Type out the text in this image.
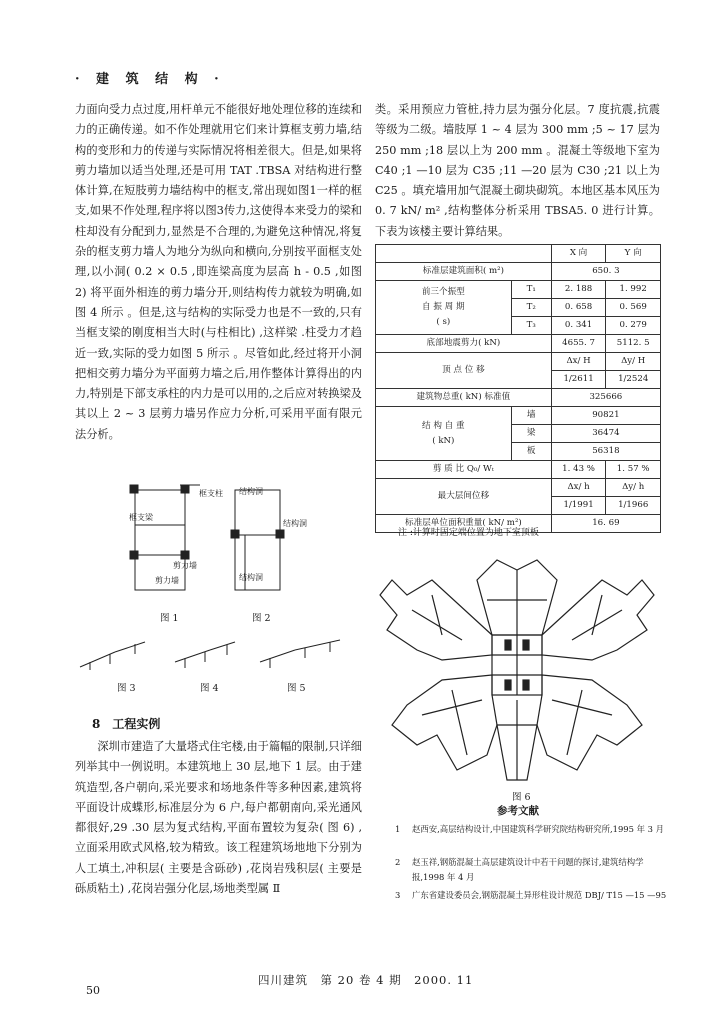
· 建 筑 结 构 ·

力面向受力点过度,用杆单元不能很好地处理位移的连续和力的正确传递。如不作处理就用它们来计算框支剪力墙,结构的变形和力的传递与实际情况将相差很大。但是,如果将剪力墙加以适当处理,还是可用 TAT .TBSA 对结构进行整体计算,在短肢剪力墙结构中的框支,常出现如图1一样的框支,如果不作处理,程序将以图3传力,这使得本来受力的梁和柱却没有分配到力,显然是不合理的,为避免这种情况,将复杂的框支剪力墙人为地分为纵向和横向,分别按平面框支处理,以小洞( 0.2 × 0.5 ,即连梁高度为层高 h - 0.5 ,如图 2) 将平面外相连的剪力墙分开,则结构传力就较为明确,如图 4 所示 。但是,这与结构的实际受力也是不一致的,只有当框支梁的刚度相当大时(与柱相比) ,这样梁 .柱受力才趋近一致,实际的受力如图 5 所示 。尽管如此,经过将开小洞把相交剪力墙分为平面剪力墙之后,用作整体计算得出的内力,特别是下部支承柱的内力是可以用的,之后应对转换梁及其以上 2 ~ 3 层剪力墙另作应力分析,可采用平面有限元法分析。

框支柱
框支梁
剪力墙
剪力墙
结构洞
结构洞
结构洞
图 1	图 2
图 3	图 4	图 5
8　工程实例

深圳市建造了大量塔式住宅楼,由于篇幅的限制,只详细列举其中一例说明。本建筑地上 30 层,地下 1 层。由于建筑造型,各户朝向,采光要求和场地条件等多种因素,建筑将平面设计成蝶形,标准层分为 6 户,每户都朝南向,采光通风都很好,29 .30 层为复式结构,平面布置较为复杂( 图 6) ,立面采用欧式风格,较为精致。该工程建筑场地地下分别为人工填土,冲积层( 主要是含砾砂) ,花岗岩残积层( 主要是砾质粘土) ,花岗岩强分化层,场地类型属 Ⅱ

类。采用预应力管桩,持力层为强分化层。7 度抗震,抗震等级为二级。墙肢厚 1 ~ 4 层为 300 mm ;5 ~ 17 层为 250 mm ;18 层以上为 200 mm 。混凝土等级地下室为 C40 ;1 —10 层为 C35 ;11 —20 层为 C30 ;21 以上为 C25 。填充墙用加气混凝土砌块砌筑。本地区基本风压为 0. 7 kN/ m² ,结构整体分析采用 TBSA5. 0 进行计算。下表为该楼主要计算结果。

		X 向	Y 向
标准层建筑面积( m²)		650. 3	
前三个振型
自 振 周 期
( s)	T₁	2. 188	1. 992
	T₂	0. 658	0. 569
	T₃	0. 341	0. 279
底部地震剪力( kN)		4655. 7	5112. 5
顶 点 位 移		Δx/ H	Δy/ H
		1/2611	1/2524
建筑物总重( kN) 标准值		325666	
结 构 自 重
( kN)	墙	90821	
	梁	36474	
	板	56318	
剪 质 比 Q₀/ Wₜ		1. 43 %	1. 57 %
最大层间位移		Δx/ h	Δy/ h
		1/1991	1/1966
标准层单位面积重量( kN/ m²)		16. 69	
注 :计算时固定端位置为地下室顶板
图 6
参考文献
1 赵西安,高层结构设计,中国建筑科学研究院结构研究所,1995 年 3 月
2 赵玉祥,钢筋混凝土高层建筑设计中若干问题的探讨,建筑结构学报,1998 年 4 月
3 广东省建设委员会,钢筋混凝土异形柱设计规范 DBJ/ T15 —15 —95
四川建筑　第 20 卷 4 期　2000. 11
50
